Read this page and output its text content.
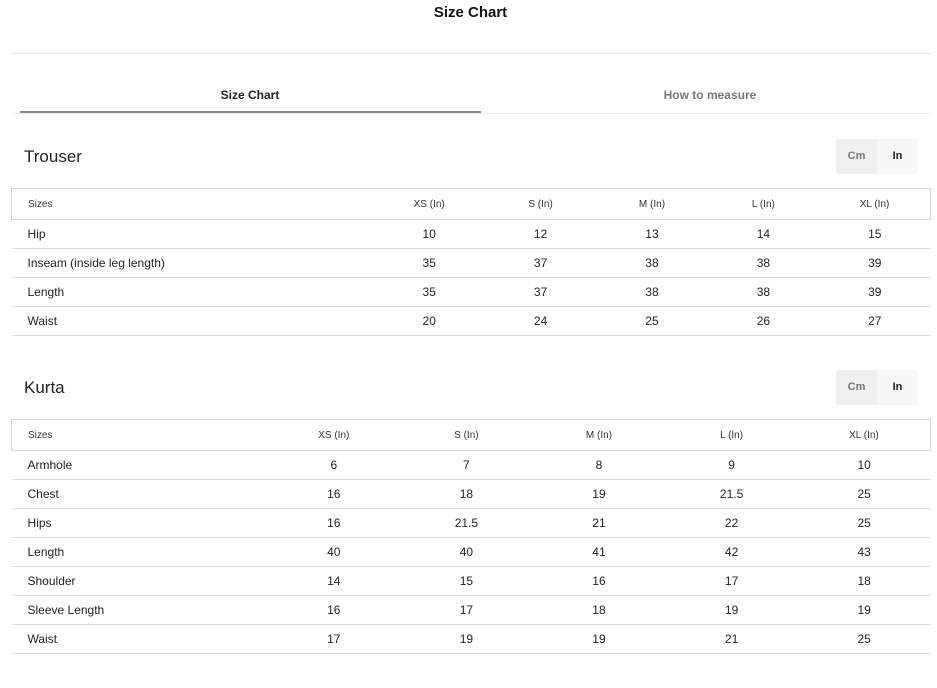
Size Chart
Size Chart	How to measure
Trouser	Cm	In
Sizes	XS (In)	S (In)	M (In)	L (In)	XL (In)
Hip	10	12	13	14	15
Inseam (inside leg length)	35	37	38	38	39
Length	35	37	38	38	39
Waist	20	24	25	26	27
Kurta	Cm	In
Sizes	XS (In)	S (In)	M (In)	L (In)	XL (In)
Armhole	6	7	8	9	10
Chest	16	18	19	21.5	25
Hips	16	21.5	21	22	25
Length	40	40	41	42	43
Shoulder	14	15	16	17	18
Sleeve Length	16	17	18	19	19
Waist	17	19	19	21	25
